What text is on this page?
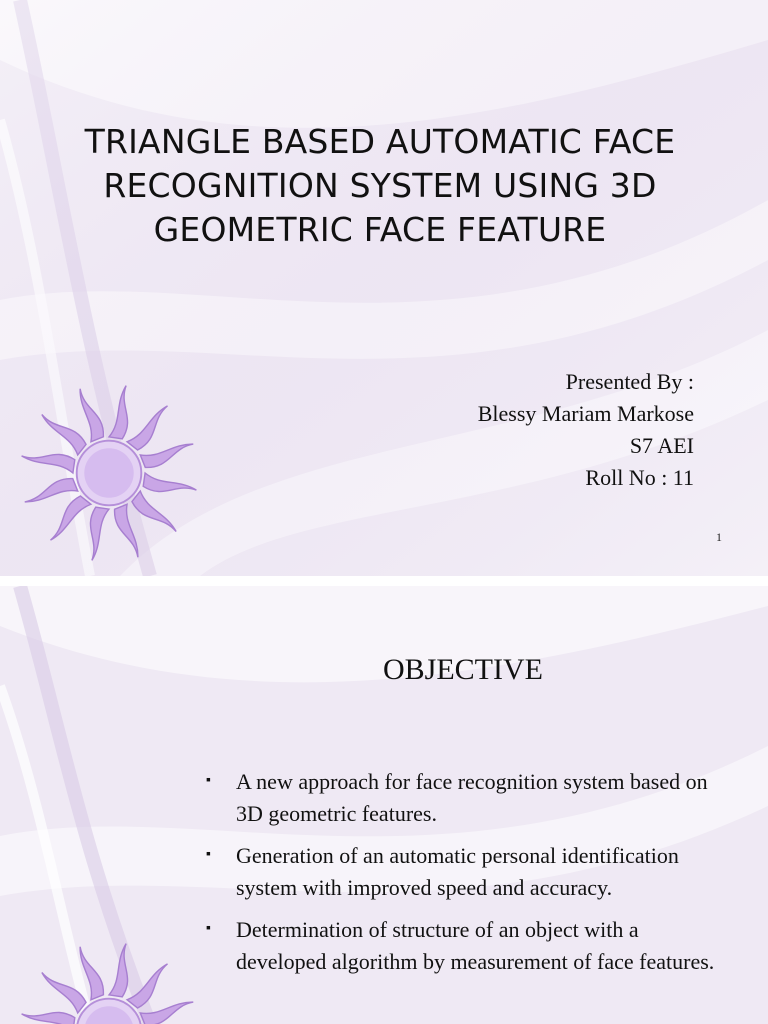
TRIANGLE BASED AUTOMATIC FACE RECOGNITION SYSTEM USING 3D GEOMETRIC FACE FEATURE
Presented By :
Blessy Mariam Markose
S7 AEI
Roll No : 11
1
OBJECTIVE
▪ A new approach for face recognition system based on 3D geometric features.
▪ Generation of an automatic personal identification system with improved speed and accuracy.
▪ Determination of structure of an object with a developed algorithm by measurement of face features.
